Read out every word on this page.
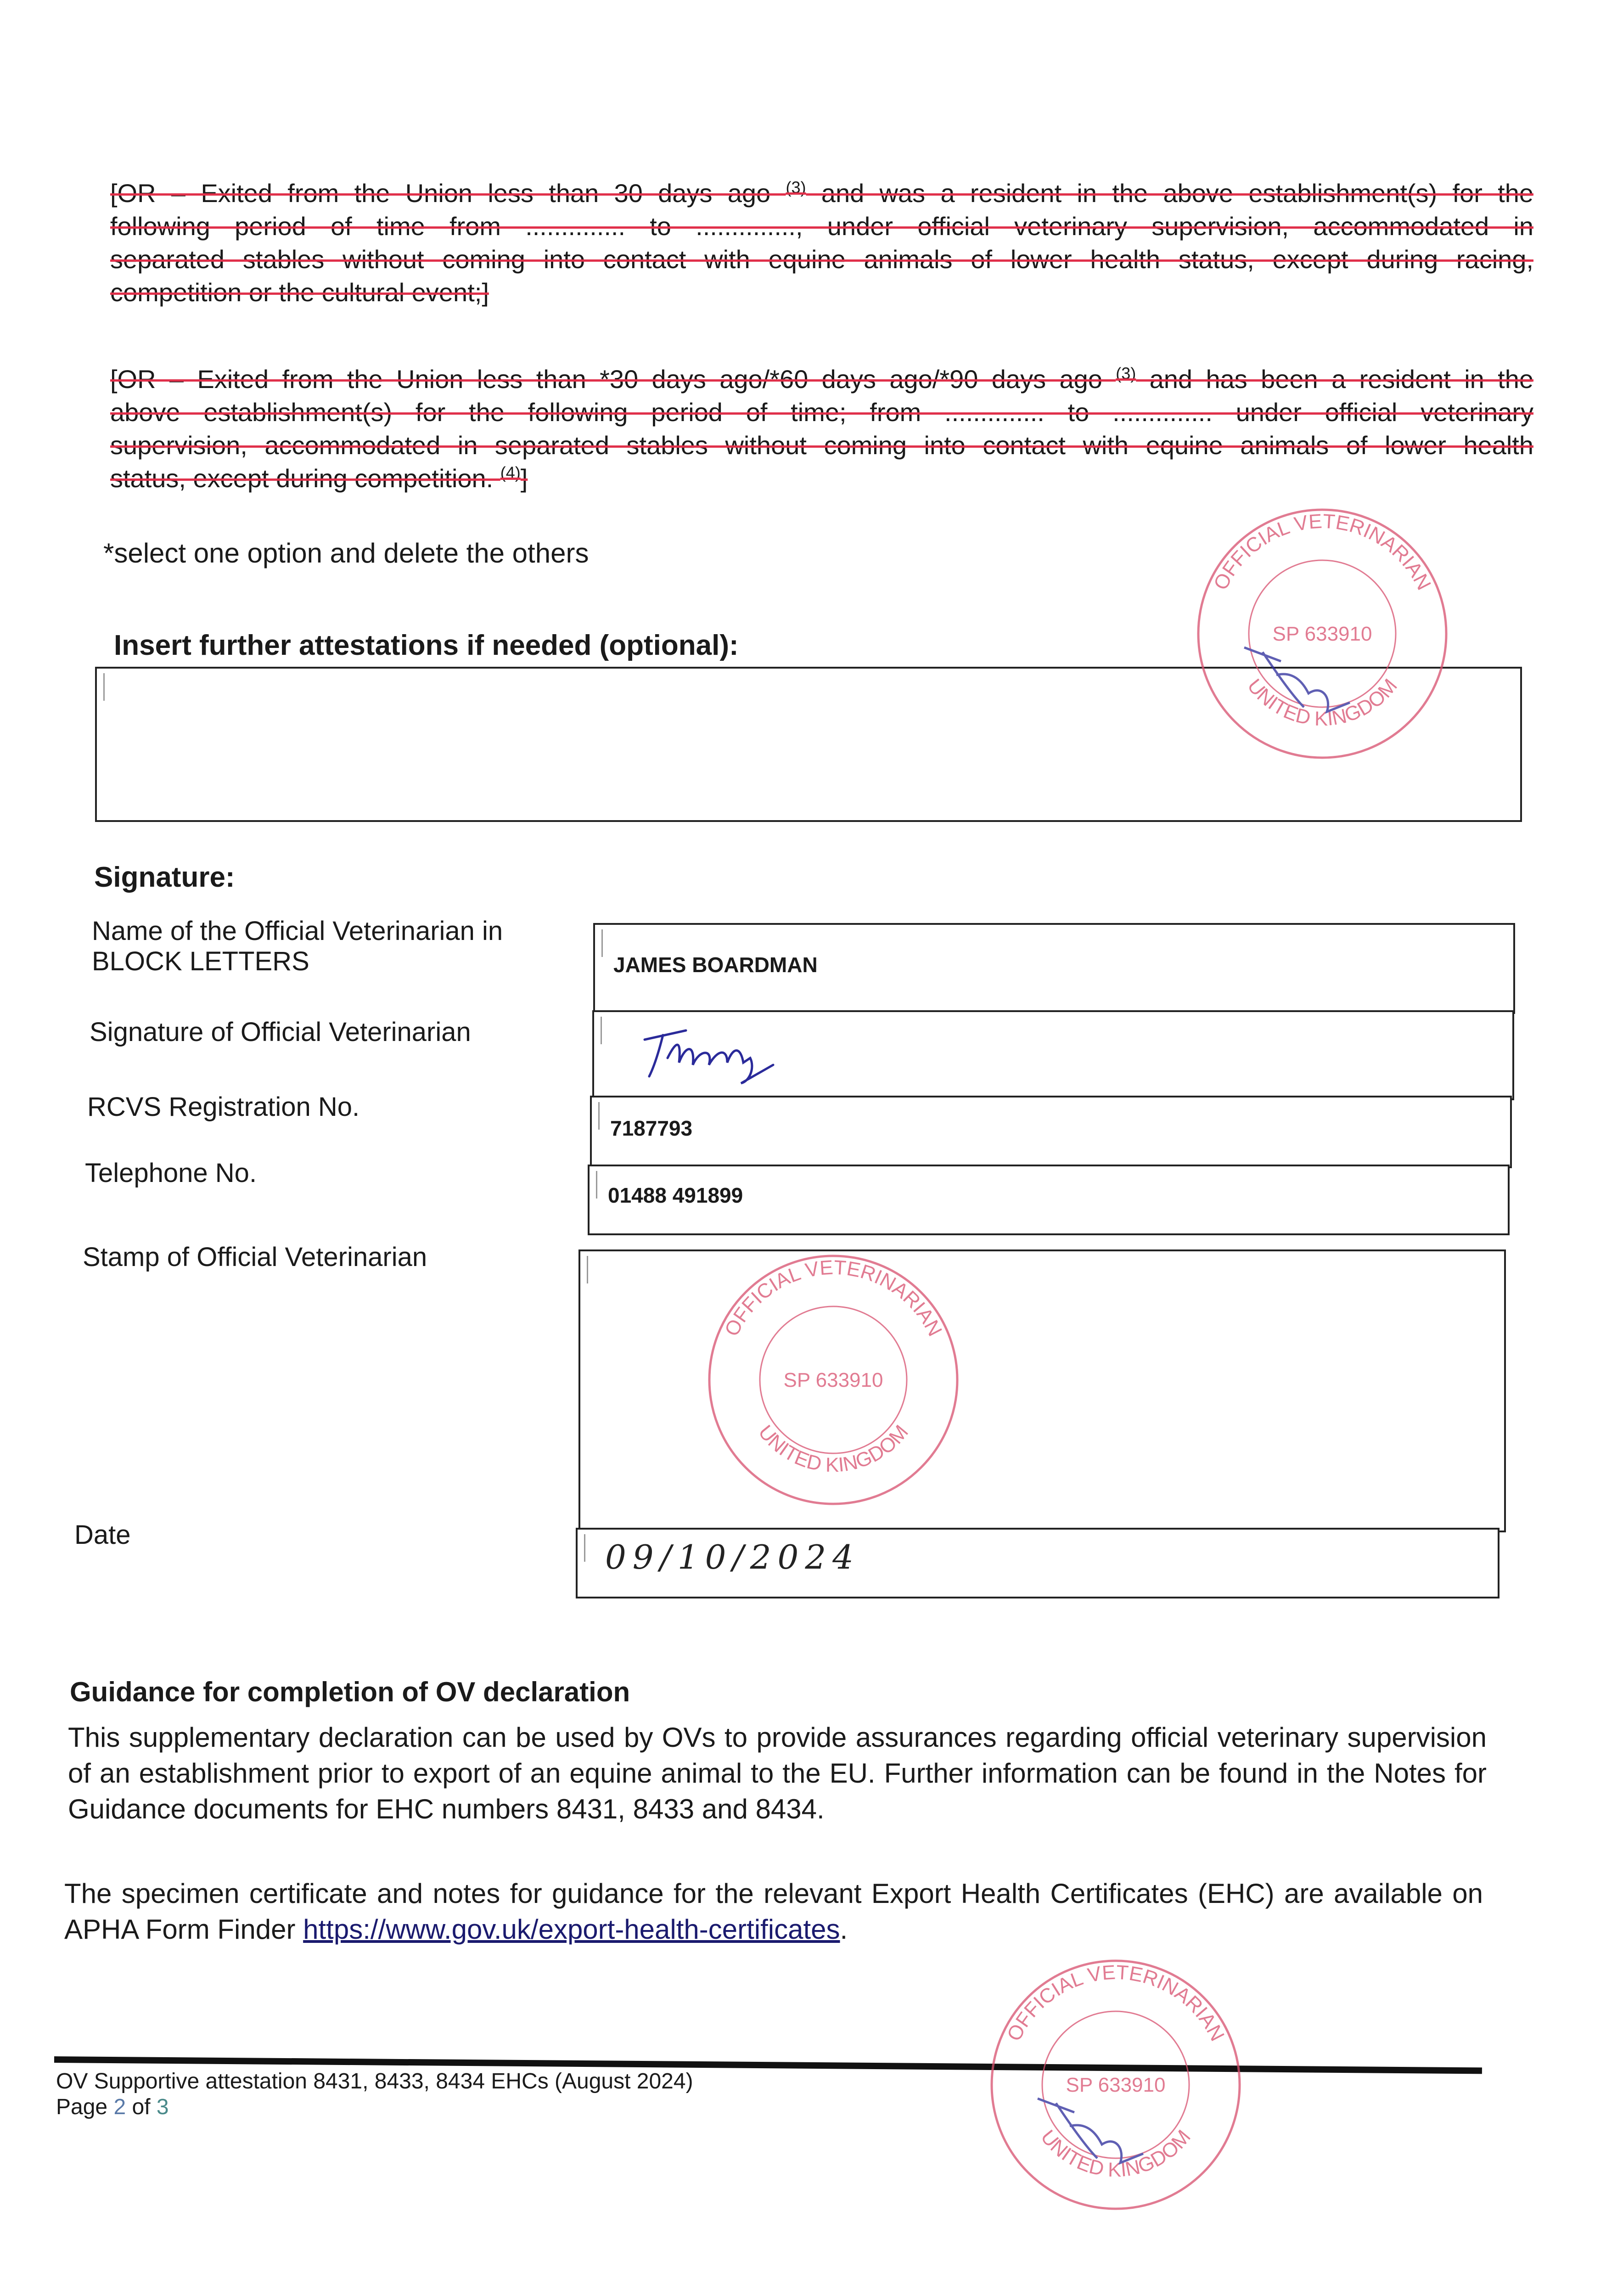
[OR – Exited from the Union less than 30 days ago $^{(3)}$ and was a resident in the above establishment(s) for the
following period of time from .............. to .............., under official veterinary supervision, accommodated in
separated stables without coming into contact with equine animals of lower health status, except during racing,
competition or the cultural event;]
[OR – Exited from the Union less than *30 days ago/*60 days ago/*90 days ago $^{(3)}$ and has been a resident in the
above establishment(s) for the following period of time; from .............. to .............. under official veterinary
supervision, accommodated in separated stables without coming into contact with equine animals of lower health
status, except during competition. $^{(4)}$]
*select one option and delete the others
Insert further attestations if needed (optional):
Signature:
Name of the Official Veterinarian in
BLOCK LETTERS	JAMES BOARDMAN
Signature of Official Veterinarian
RCVS Registration No.
7187793
Telephone No.
01488 491899
Stamp of Official Veterinarian
Date
09/10/2024
Guidance for completion of OV declaration
This supplementary declaration can be used by OVs to provide assurances regarding official veterinary supervision of an establishment prior to export of an equine animal to the EU. Further information can be found in the Notes for Guidance documents for EHC numbers 8431, 8433 and 8434.
The specimen certificate and notes for guidance for the relevant Export Health Certificates (EHC) are available on APHA Form Finder https://www.gov.uk/export-health-certificates.
OV Supportive attestation 8431, 8433, 8434 EHCs (August 2024)
Page 2 of 3
OFFICIAL VETERINARIAN
UNITED KINGDOM
SP 633910
OFFICIAL VETERINARIAN
UNITED KINGDOM
SP 633910
OFFICIAL VETERINARIAN
UNITED KINGDOM
SP 633910
